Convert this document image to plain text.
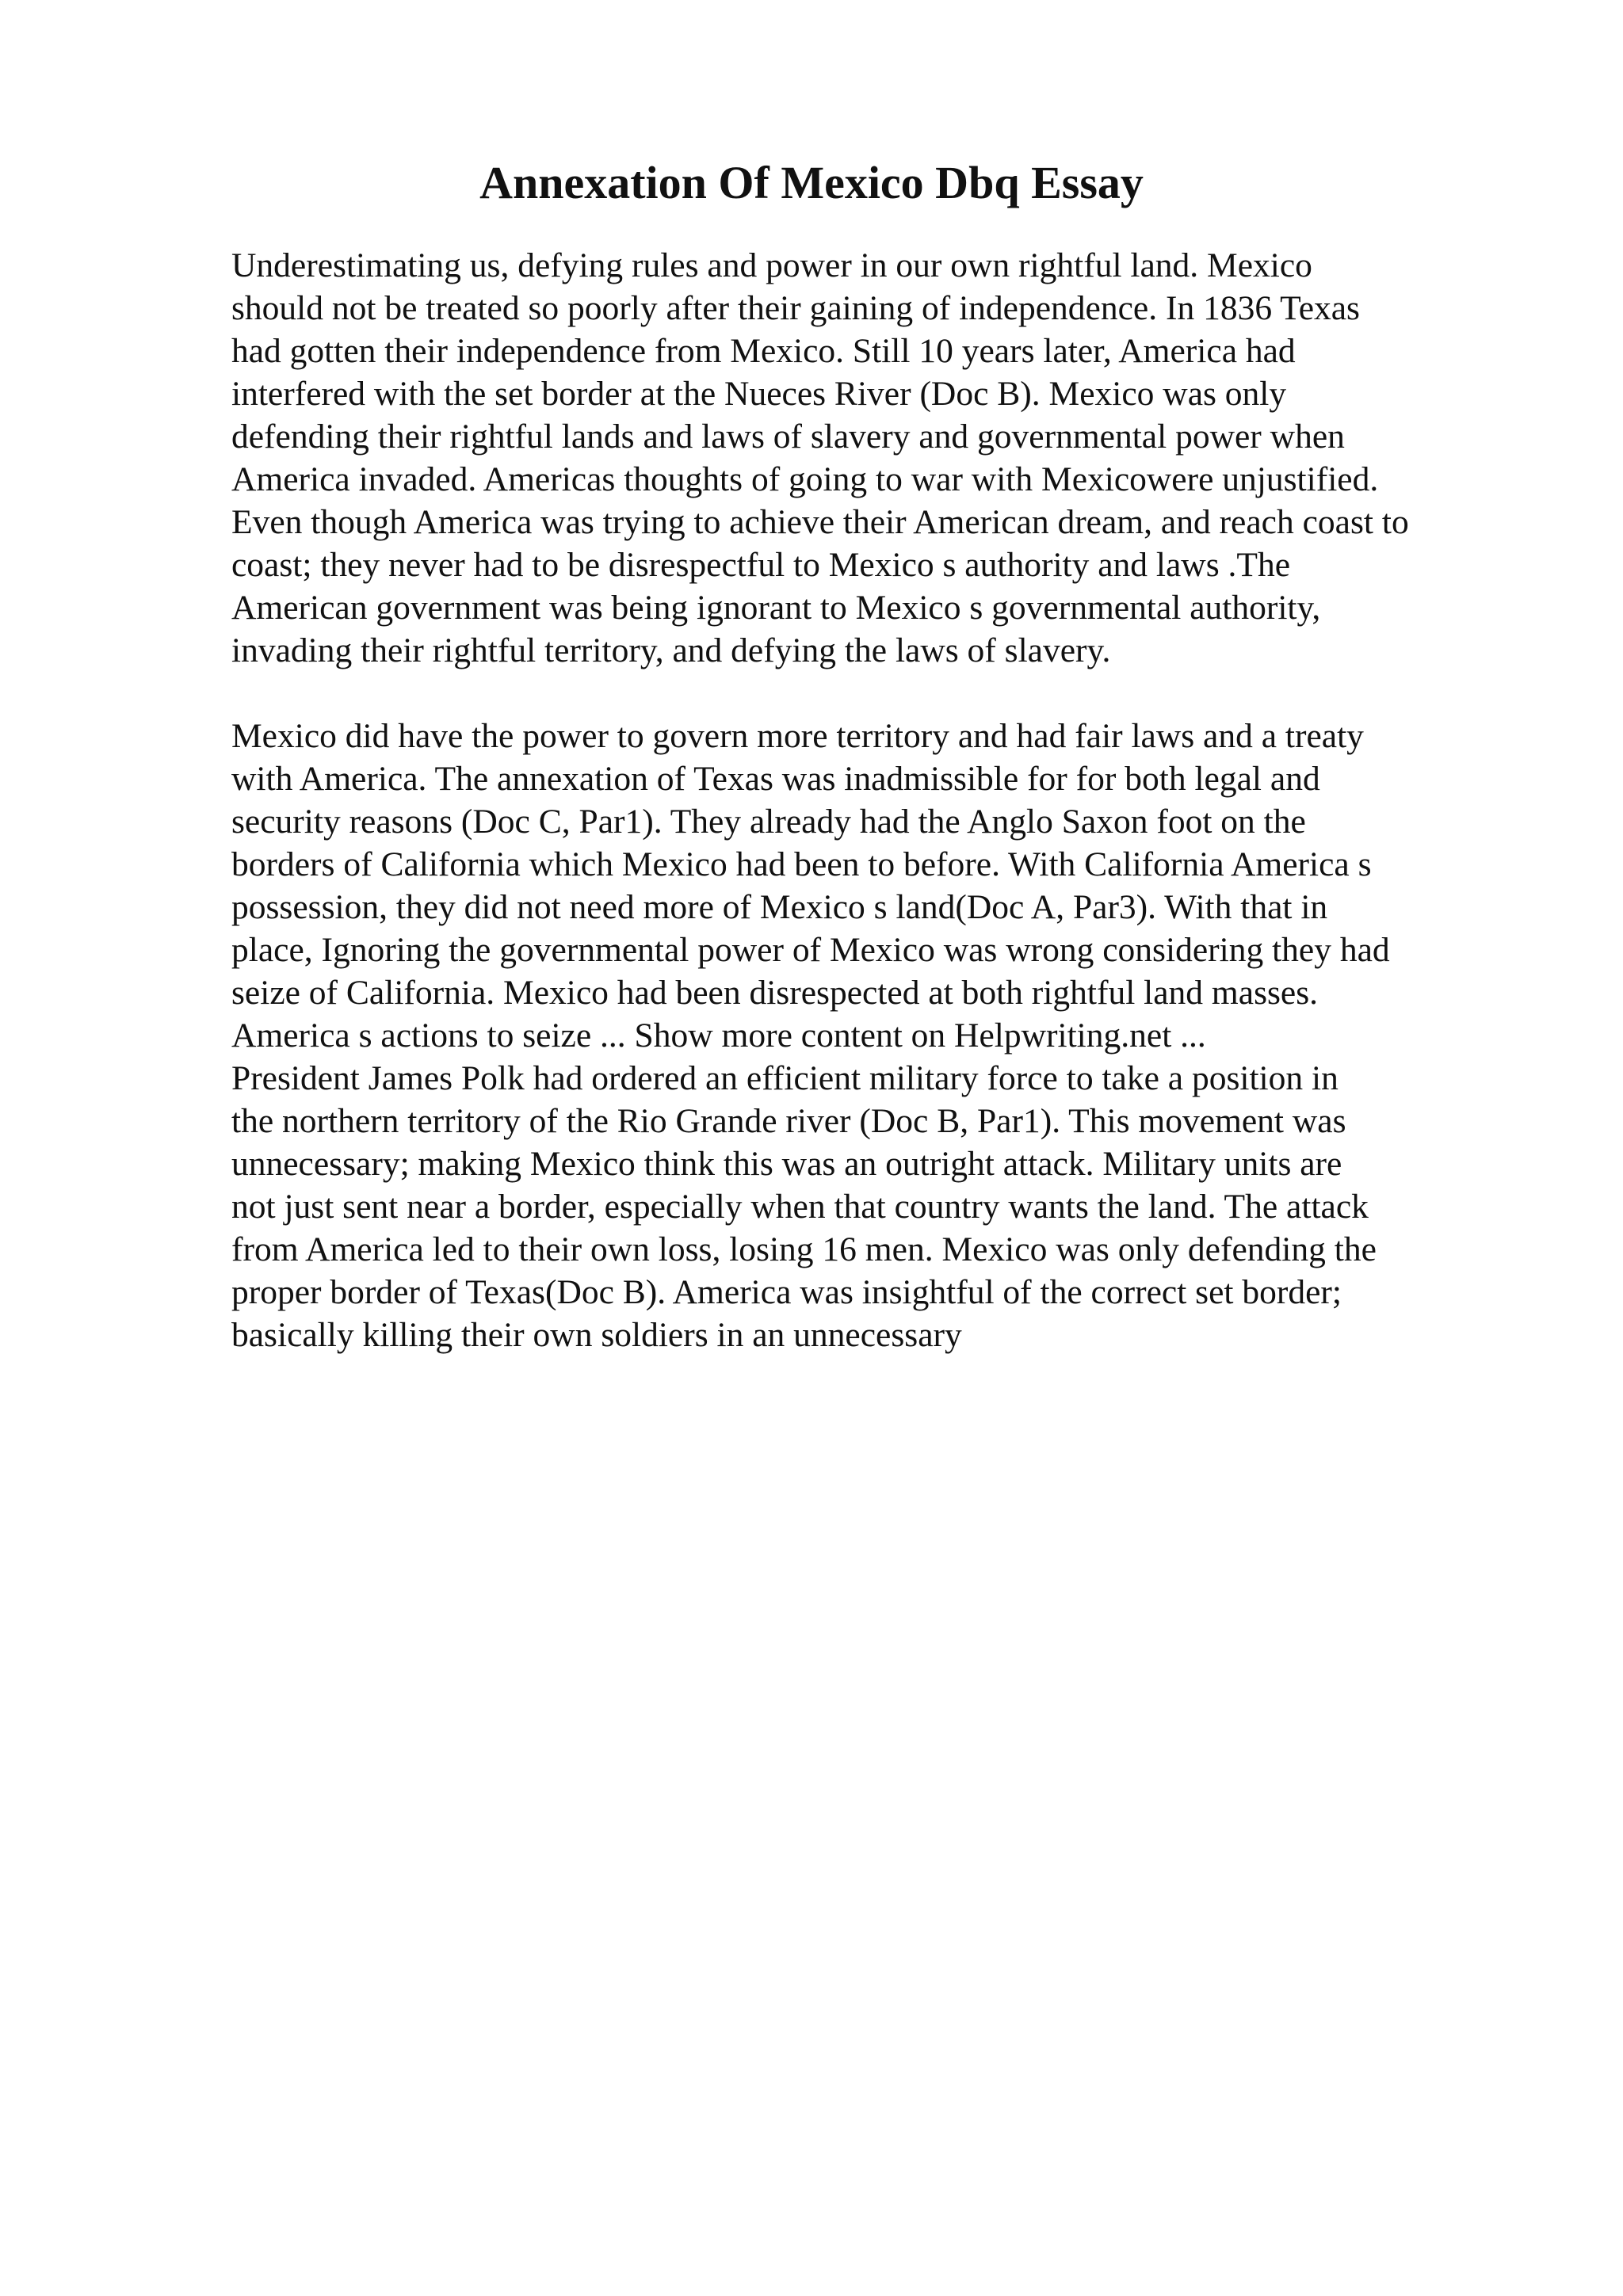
Annexation Of Mexico Dbq Essay
Underestimating us, defying rules and power in our own rightful land. Mexico
should not be treated so poorly after their gaining of independence. In 1836 Texas
had gotten their independence from Mexico. Still 10 years later, America had
interfered with the set border at the Nueces River (Doc B). Mexico was only
defending their rightful lands and laws of slavery and governmental power when
America invaded. Americas thoughts of going to war with Mexicowere unjustified.
Even though America was trying to achieve their American dream, and reach coast to
coast; they never had to be disrespectful to Mexico s authority and laws .The
American government was being ignorant to Mexico s governmental authority,
invading their rightful territory, and defying the laws of slavery.
Mexico did have the power to govern more territory and had fair laws and a treaty
with America. The annexation of Texas was inadmissible for for both legal and
security reasons (Doc C, Par1). They already had the Anglo Saxon foot on the
borders of California which Mexico had been to before. With California America s
possession, they did not need more of Mexico s land(Doc A, Par3). With that in
place, Ignoring the governmental power of Mexico was wrong considering they had
seize of California. Mexico had been disrespected at both rightful land masses.
America s actions to seize ... Show more content on Helpwriting.net ...
President James Polk had ordered an efficient military force to take a position in
the northern territory of the Rio Grande river (Doc B, Par1). This movement was
unnecessary; making Mexico think this was an outright attack. Military units are
not just sent near a border, especially when that country wants the land. The attack
from America led to their own loss, losing 16 men. Mexico was only defending the
proper border of Texas(Doc B). America was insightful of the correct set border;
basically killing their own soldiers in an unnecessary
